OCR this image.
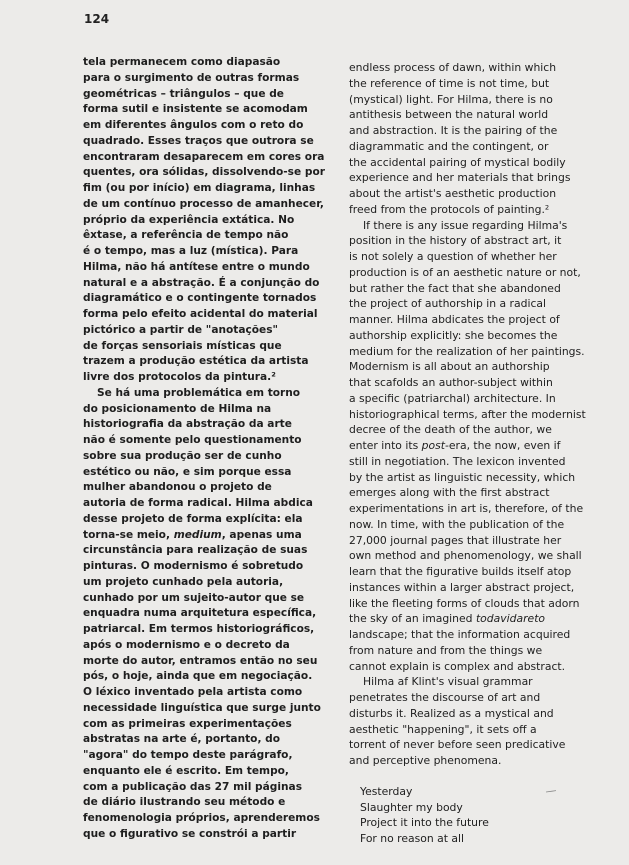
124
tela permanecem como diapasão
para o surgimento de outras formas
geométricas – triângulos – que de
forma sutil e insistente se acomodam
em diferentes ângulos com o reto do
quadrado. Esses traços que outrora se
encontraram desaparecem em cores ora
quentes, ora sólidas, dissolvendo-se por
fim (ou por início) em diagrama, linhas
de um contínuo processo de amanhecer,
próprio da experiência extática. No
êxtase, a referência de tempo não
é o tempo, mas a luz (mística). Para
Hilma, não há antítese entre o mundo
natural e a abstração. É a conjunção do
diagramático e o contingente tornados
forma pelo efeito acidental do material
pictórico a partir de "anotações"
de forças sensoriais místicas que
trazem a produção estética da artista
livre dos protocolos da pintura.²
Se há uma problemática em torno
do posicionamento de Hilma na
historiografia da abstração da arte
não é somente pelo questionamento
sobre sua produção ser de cunho
estético ou não, e sim porque essa
mulher abandonou o projeto de
autoria de forma radical. Hilma abdica
desse projeto de forma explícita: ela
torna-se meio, medium, apenas uma
circunstância para realização de suas
pinturas. O modernismo é sobretudo
um projeto cunhado pela autoria,
cunhado por um sujeito-autor que se
enquadra numa arquitetura específica,
patriarcal. Em termos historiográficos,
após o modernismo e o decreto da
morte do autor, entramos então no seu
pós, o hoje, ainda que em negociação.
O léxico inventado pela artista como
necessidade linguística que surge junto
com as primeiras experimentações
abstratas na arte é, portanto, do
"agora" do tempo deste parágrafo,
enquanto ele é escrito. Em tempo,
com a publicação das 27 mil páginas
de diário ilustrando seu método e
fenomenologia próprios, aprenderemos
que o figurativo se constrói a partir
endless process of dawn, within which
the reference of time is not time, but
(mystical) light. For Hilma, there is no
antithesis between the natural world
and abstraction. It is the pairing of the
diagrammatic and the contingent, or
the accidental pairing of mystical bodily
experience and her materials that brings
about the artist's aesthetic production
freed from the protocols of painting.²
If there is any issue regarding Hilma's
position in the history of abstract art, it
is not solely a question of whether her
production is of an aesthetic nature or not,
but rather the fact that she abandoned
the project of authorship in a radical
manner. Hilma abdicates the project of
authorship explicitly: she becomes the
medium for the realization of her paintings.
Modernism is all about an authorship
that scafolds an author-subject within
a specific (patriarchal) architecture. In
historiographical terms, after the modernist
decree of the death of the author, we
enter into its post-era, the now, even if
still in negotiation. The lexicon invented
by the artist as linguistic necessity, which
emerges along with the first abstract
experimentations in art is, therefore, of the
now. In time, with the publication of the
27,000 journal pages that illustrate her
own method and phenomenology, we shall
learn that the figurative builds itself atop
instances within a larger abstract project,
like the fleeting forms of clouds that adorn
the sky of an imagined todavidareto
landscape; that the information acquired
from nature and from the things we
cannot explain is complex and abstract.
Hilma af Klint's visual grammar
penetrates the discourse of art and
disturbs it. Realized as a mystical and
aesthetic "happening", it sets off a
torrent of never before seen predicative
and perceptive phenomena.
Yesterday
Slaughter my body
Project it into the future
For no reason at all
